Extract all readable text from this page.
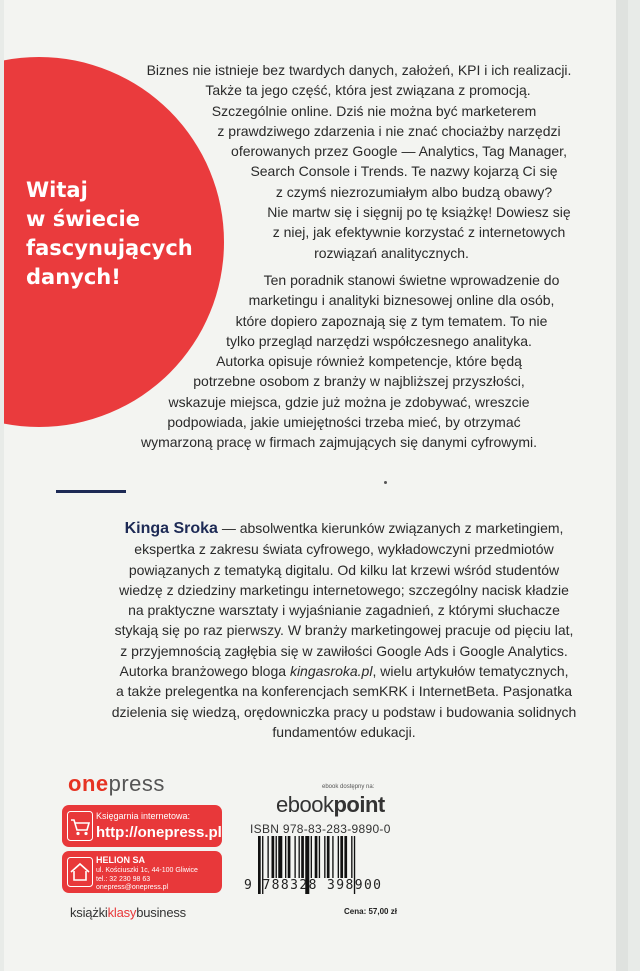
Witaj
w świecie
fascynujących
danych!
Biznes nie istnieje bez twardych danych, założeń, KPI i ich realizacji.
Także ta jego część, która jest związana z promocją.
Szczególnie online. Dziś nie można być marketerem
z prawdziwego zdarzenia i nie znać chociażby narzędzi
oferowanych przez Google — Analytics, Tag Manager,
Search Console i Trends. Te nazwy kojarzą Ci się
z czymś niezrozumiałym albo budzą obawy?
Nie martw się i sięgnij po tę książkę! Dowiesz się
z niej, jak efektywnie korzystać z internetowych
rozwiązań analitycznych.
Ten poradnik stanowi świetne wprowadzenie do
marketingu i analityki biznesowej online dla osób,
które dopiero zapoznają się z tym tematem. To nie
tylko przegląd narzędzi współczesnego analityka.
Autorka opisuje również kompetencje, które będą
potrzebne osobom z branży w najbliższej przyszłości,
wskazuje miejsca, gdzie już można je zdobywać, wreszcie
podpowiada, jakie umiejętności trzeba mieć, by otrzymać
wymarzoną pracę w firmach zajmujących się danymi cyfrowymi.
Kinga Sroka — absolwentka kierunków związanych z marketingiem,
ekspertka z zakresu świata cyfrowego, wykładowczyni przedmiotów
powiązanych z tematyką digitalu. Od kilku lat krzewi wśród studentów
wiedzę z dziedziny marketingu internetowego; szczególny nacisk kładzie
na praktyczne warsztaty i wyjaśnianie zagadnień, z którymi słuchacze
stykają się po raz pierwszy. W branży marketingowej pracuje od pięciu lat,
z przyjemnością zagłębia się w zawiłości Google Ads i Google Analytics.
Autorka branżowego bloga kingasroka.pl, wielu artykułów tematycznych,
a także prelegentka na konferencjach semKRK i InternetBeta. Pasjonatka
dzielenia się wiedzą, orędowniczka pracy u podstaw i budowania solidnych
fundamentów edukacji.
onepress
Księgarnia internetowa:
http://onepress.pl
HELION SA
ul. Kościuszki 1c, 44-100 Gliwice
tel.: 32 230 98 63
onepress@onepress.pl
książkiklasybusiness
ebook dostępny na:
ebookpoint
ISBN 978-83-283-9890-0
9 788328 398900
Cena: 57,00 zł
